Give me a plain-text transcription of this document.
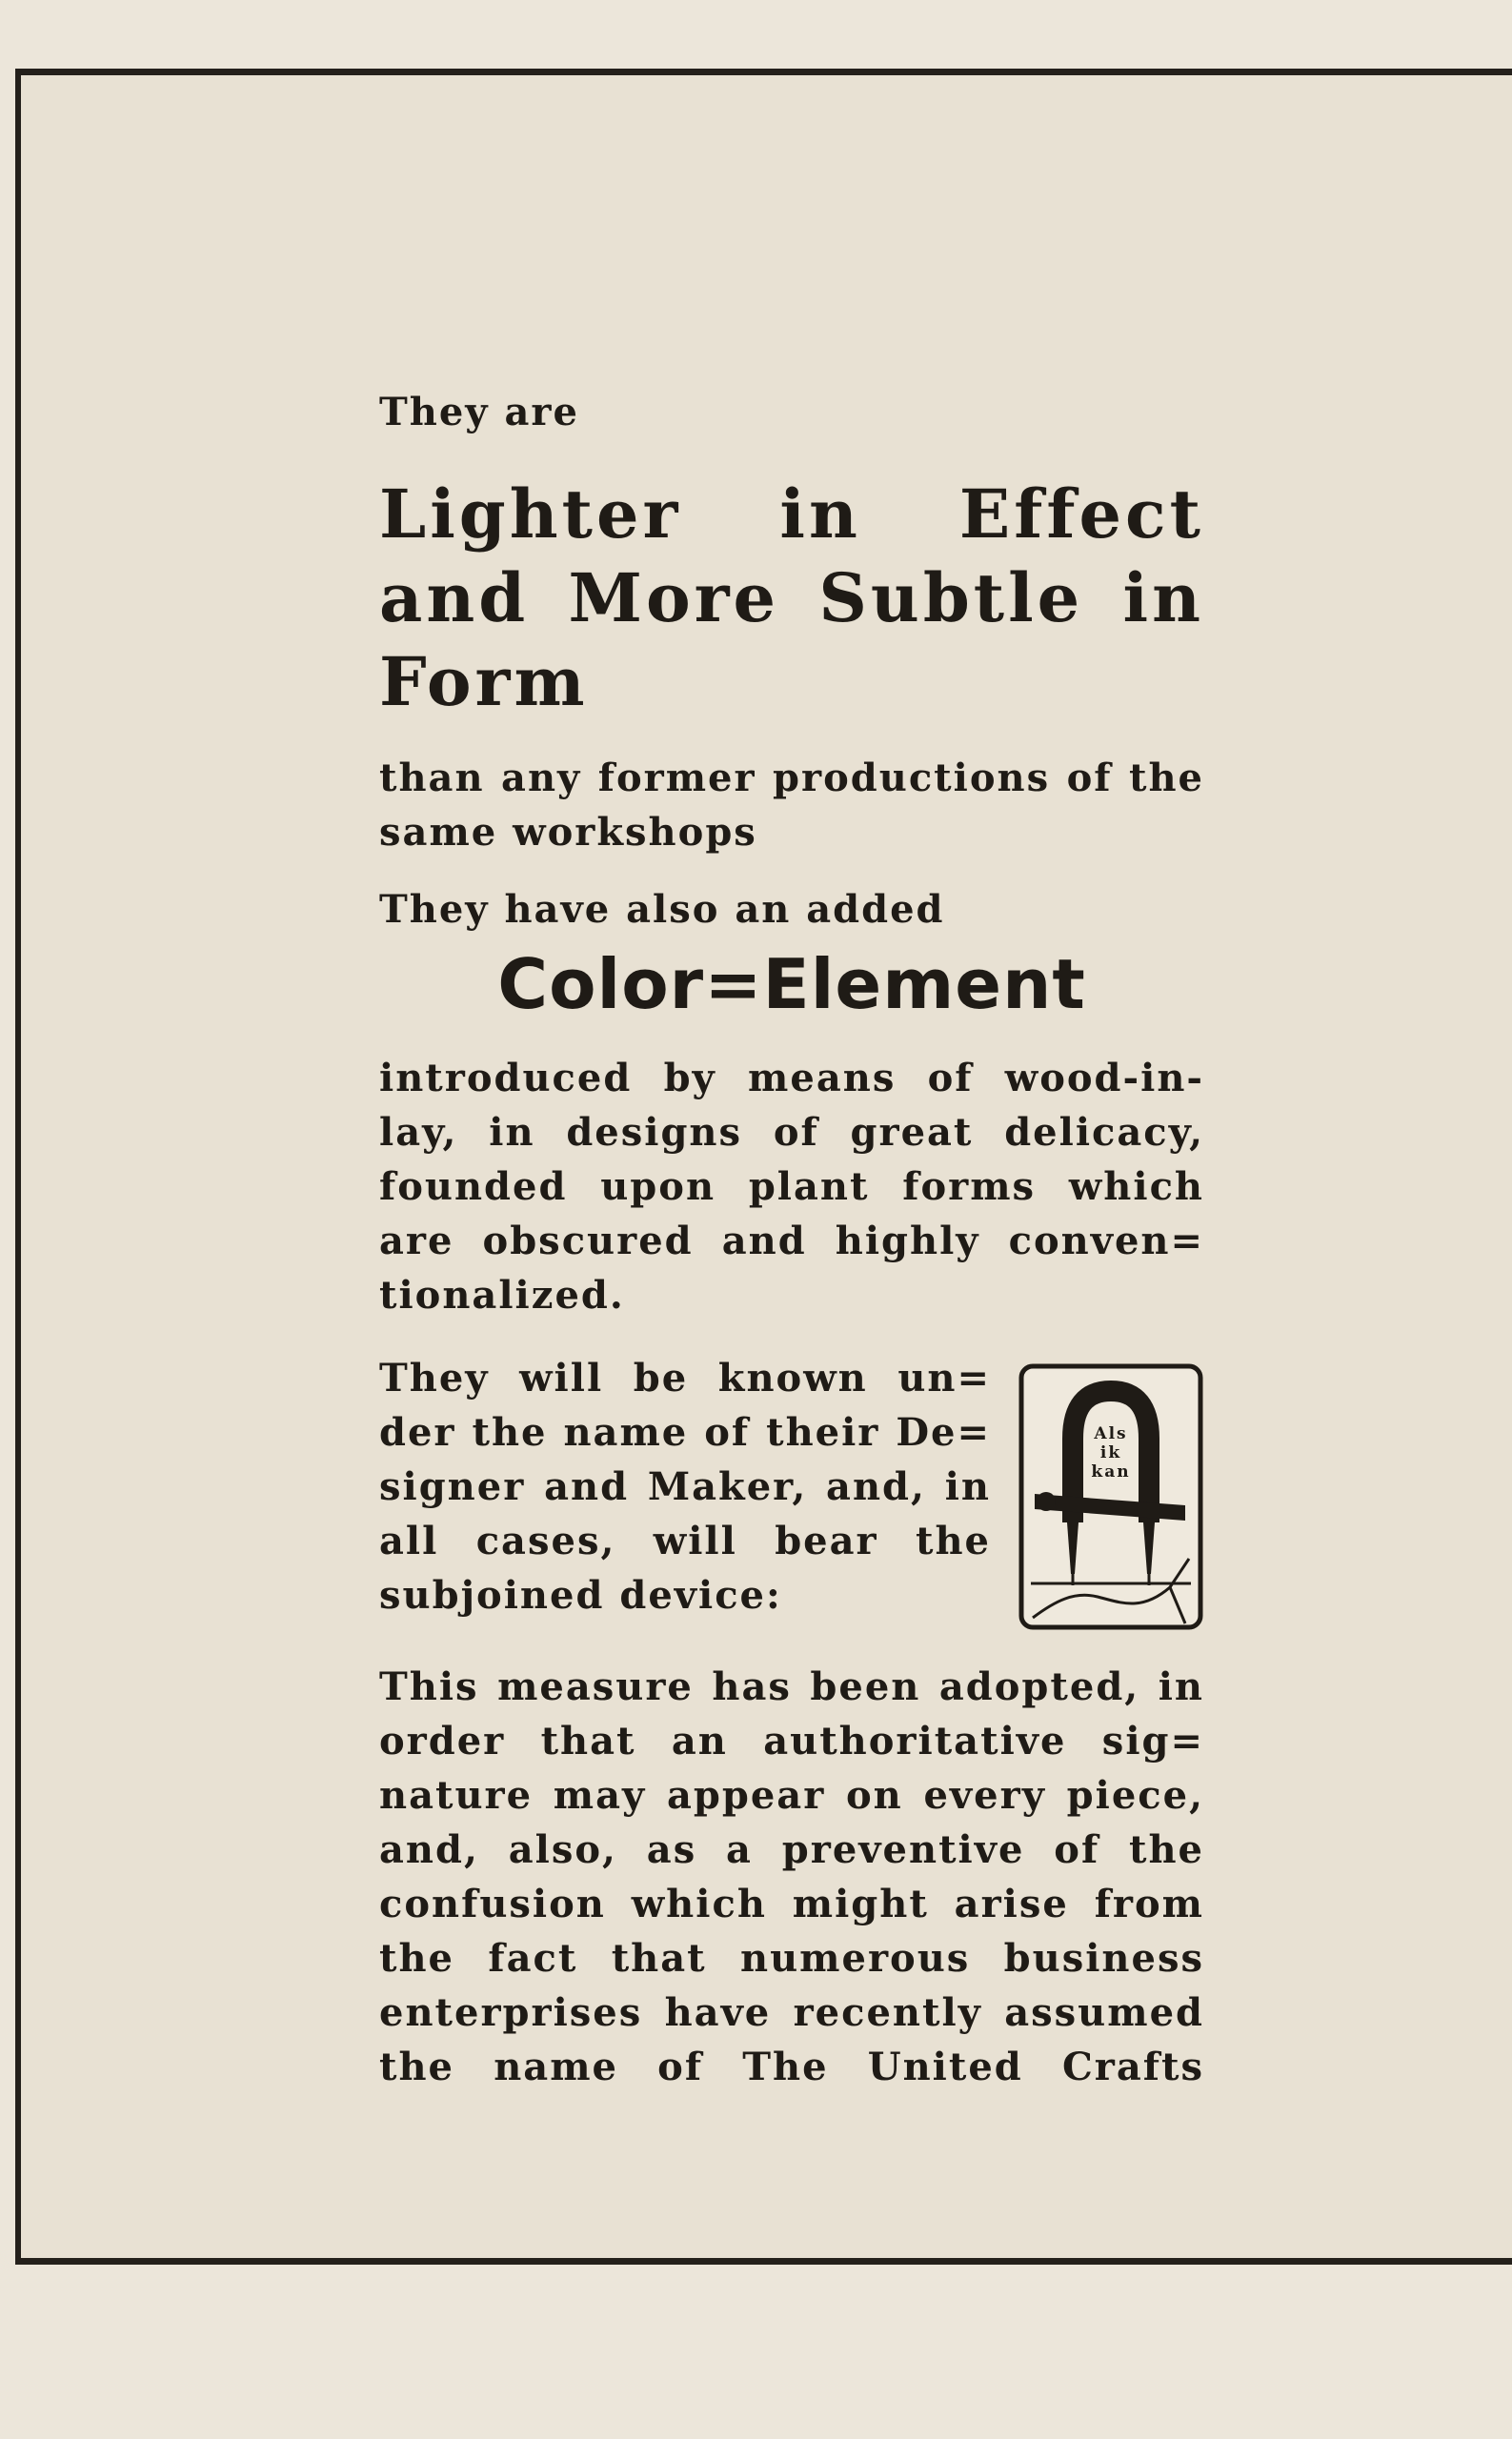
They are

Lighter in Effect and More Subtle in Form

than any former productions of the same workshops

They have also an added

Color=Element

introduced by means of wood-in- lay, in designs of great delicacy, founded upon plant forms which are obscured and highly conven= tionalized.

They will be known un= der the name of their De= signer and Maker, and, in all cases, will bear the subjoined device:

Als
ik
kan

This measure has been adopted, in order that an authoritative sig= nature may appear on every piece, and, also, as a preventive of the confusion which might arise from the fact that numerous business enterprises have recently assumed the name of The United Crafts
